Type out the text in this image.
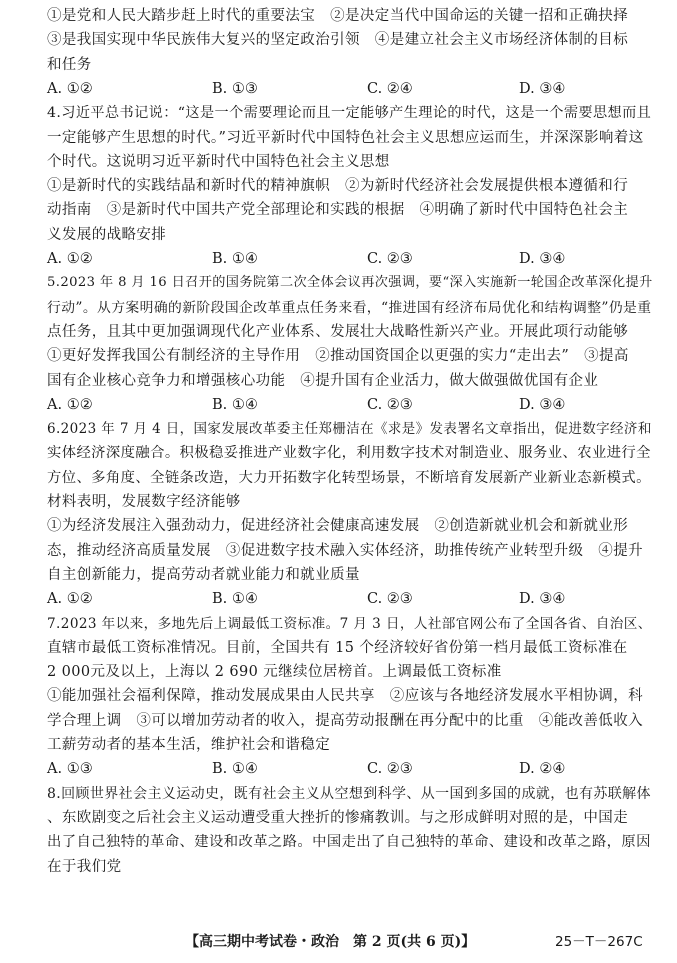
①是党和人民大踏步赶上时代的重要法宝　②是决定当代中国命运的关键一招和正确抉择
③是我国实现中华民族伟大复兴的坚定政治引领　④是建立社会主义市场经济体制的目标
和任务
A. ①②	B. ①③	C. ②④	D. ③④
4.习近平总书记说：“这是一个需要理论而且一定能够产生理论的时代，这是一个需要思想而且
一定能够产生思想的时代。”习近平新时代中国特色社会主义思想应运而生，并深深影响着这
个时代。这说明习近平新时代中国特色社会主义思想
①是新时代的实践结晶和新时代的精神旗帜　②为新时代经济社会发展提供根本遵循和行
动指南　③是新时代中国共产党全部理论和实践的根据　④明确了新时代中国特色社会主
义发展的战略安排
A. ①②	B. ①④	C. ②③	D. ③④
5.2023 年 8 月 16 日召开的国务院第二次全体会议再次强调，要“深入实施新一轮国企改革深化提升
行动”。从方案明确的新阶段国企改革重点任务来看，“推进国有经济布局优化和结构调整”仍是重
点任务，且其中更加强调现代化产业体系、发展壮大战略性新兴产业。开展此项行动能够
①更好发挥我国公有制经济的主导作用　②推动国资国企以更强的实力“走出去”　③提高
国有企业核心竞争力和增强核心功能　④提升国有企业活力，做大做强做优国有企业
A. ①②	B. ①④	C. ②③	D. ③④
6.2023 年 7 月 4 日，国家发展改革委主任郑栅洁在《求是》发表署名文章指出，促进数字经济和
实体经济深度融合。积极稳妥推进产业数字化，利用数字技术对制造业、服务业、农业进行全
方位、多角度、全链条改造，大力开拓数字化转型场景，不断培育发展新产业新业态新模式。
材料表明，发展数字经济能够
①为经济发展注入强劲动力，促进经济社会健康高速发展　②创造新就业机会和新就业形
态，推动经济高质量发展　③促进数字技术融入实体经济，助推传统产业转型升级　④提升
自主创新能力，提高劳动者就业能力和就业质量
A. ①②	B. ①④	C. ②③	D. ③④
7.2023 年以来，多地先后上调最低工资标准。7 月 3 日，人社部官网公布了全国各省、自治区、
直辖市最低工资标准情况。目前，全国共有 15 个经济较好省份第一档月最低工资标准在
2 000元及以上，上海以 2 690 元继续位居榜首。上调最低工资标准
①能加强社会福利保障，推动发展成果由人民共享　②应该与各地经济发展水平相协调，科
学合理上调　③可以增加劳动者的收入，提高劳动报酬在再分配中的比重　④能改善低收入
工薪劳动者的基本生活，维护社会和谐稳定
A. ①③	B. ①④	C. ②③	D. ②④
8.回顾世界社会主义运动史，既有社会主义从空想到科学、从一国到多国的成就，也有苏联解体
、东欧剧变之后社会主义运动遭受重大挫折的惨痛教训。与之形成鲜明对照的是，中国走
出了自己独特的革命、建设和改革之路。中国走出了自己独特的革命、建设和改革之路，原因
在于我们党
【高三期中考试卷・政治　第 2 页(共 6 页)】	25－T－267C
